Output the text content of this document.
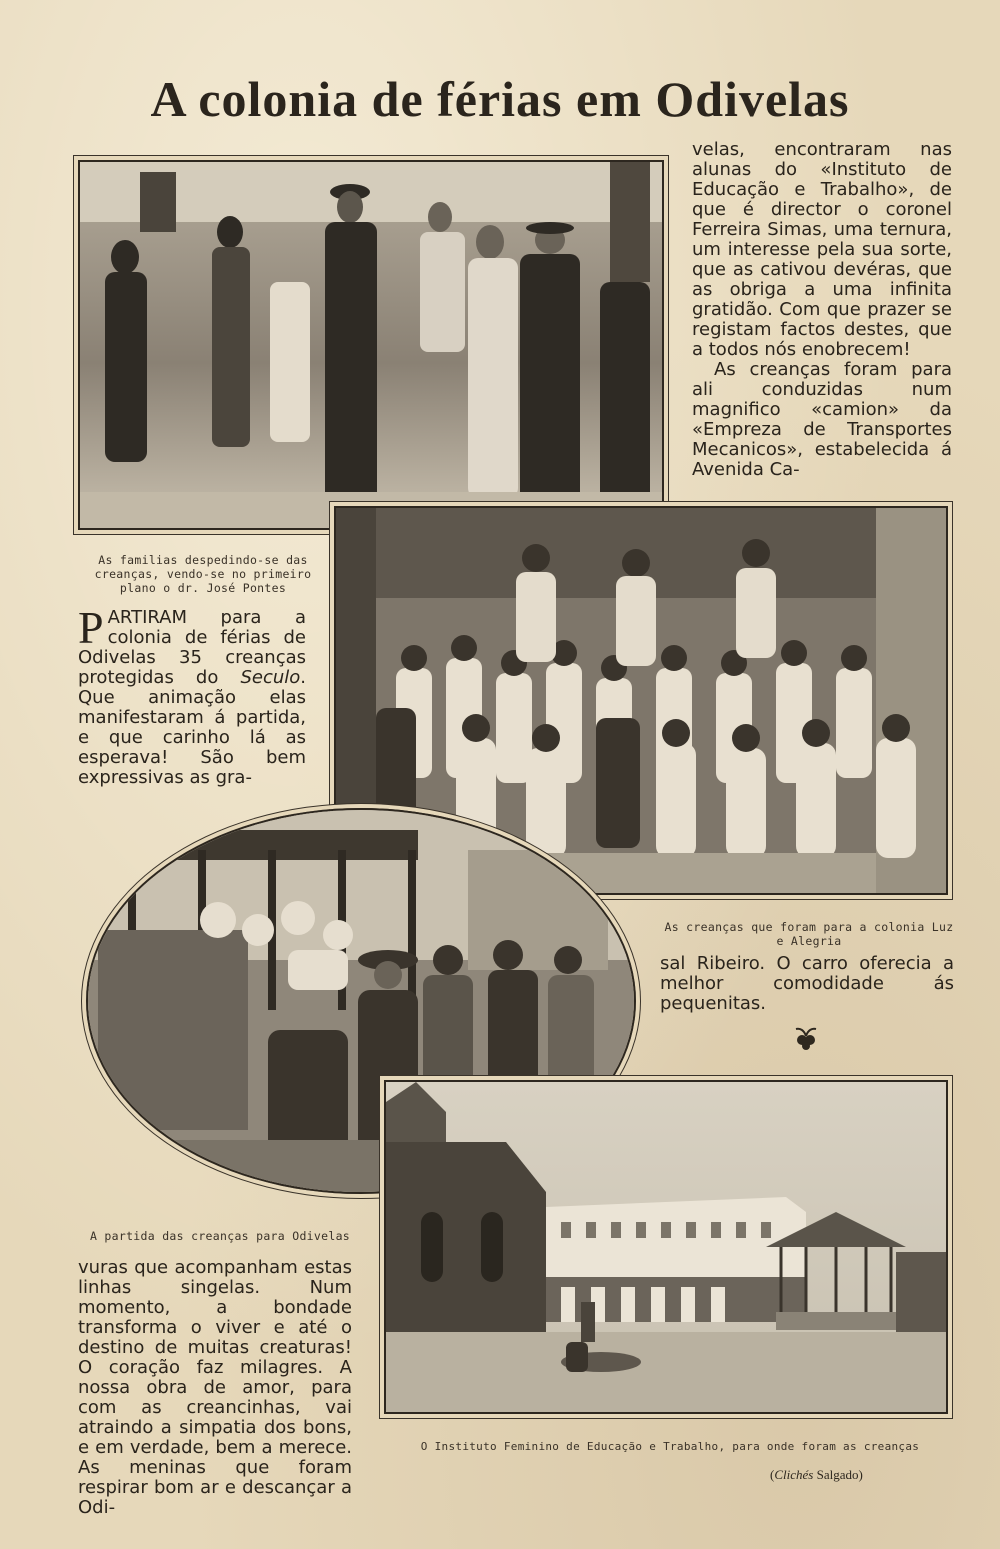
A colonia de férias em Odivelas

As familias despedindo-se das creanças, vendo-se no primeiro plano o dr. José Pontes

As creanças que foram para a colonia Luz e Alegria

A partida das creanças para Odivelas

O Instituto Feminino de Educação e Trabalho, para onde foram as creanças

velas, encontraram nas alunas do «Instituto de Educação e Trabalho», de que é director o coronel Ferreira Simas, uma ternura, um interesse pela sua sorte, que as cativou devéras, que as obriga a uma infinita gratidão. Com que prazer se registam factos destes, que a todos nós enobrecem!

As creanças foram para ali conduzidas num magnifico «camion» da «Empreza de Transportes Mecanicos», estabelecida á Avenida Ca-

PARTIRAM para a colonia de férias de Odivelas 35 creanças protegidas do Seculo. Que animação elas manifestaram á partida, e que carinho lá as esperava! São bem expressivas as gra-

sal Ribeiro. O carro oferecia a melhor comodidade ás pequenitas.

vuras que acompanham estas linhas singelas. Num momento, a bondade transforma o viver e até o destino de muitas creaturas! O coração faz milagres. A nossa obra de amor, para com as creancinhas, vai atraindo a simpatia dos bons, e em verdade, bem a merece. As meninas que foram respirar bom ar e descançar a Odi-

(Clichés Salgado)
